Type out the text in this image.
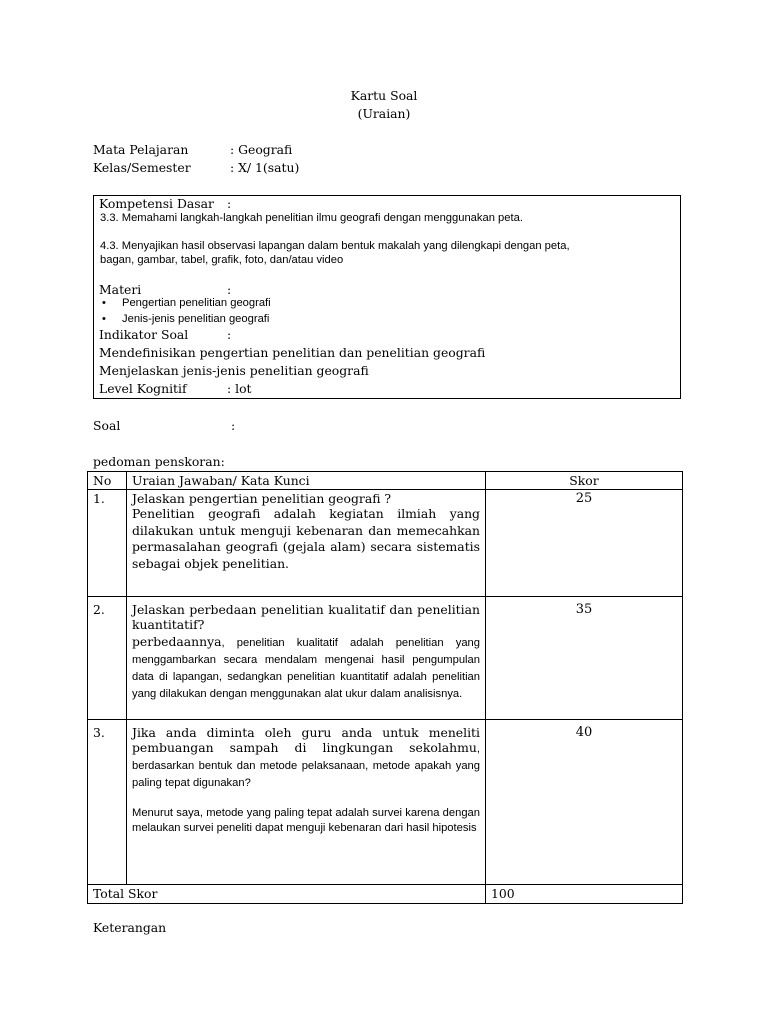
Kartu Soal
(Uraian)
Mata Pelajaran	: Geografi
Kelas/Semester	: X/ 1(satu)
Kompetensi Dasar :
3.3. Memahami langkah-langkah penelitian ilmu geografi dengan menggunakan peta.
4.3. Menyajikan hasil observasi lapangan dalam bentuk makalah yang dilengkapi dengan peta,
bagan, gambar, tabel, grafik, foto, dan/atau video
Materi	:
• Pengertian penelitian geografi
• Jenis-jenis penelitian geografi
Indikator Soal	:
Mendefinisikan pengertian penelitian dan penelitian geografi
Menjelaskan jenis-jenis penelitian geografi
Level Kognitif	: lot
Soal	:
pedoman penskoran:
No	Uraian Jawaban/ Kata Kunci	Skor
1.	Jelaskan pengertian penelitian geografi ?
Penelitian geografi adalah kegiatan ilmiah yang dilakukan untuk menguji kebenaran dan memecahkan permasalahan geografi (gejala alam) secara sistematis sebagai objek penelitian.	25
2.	Jelaskan perbedaan penelitian kualitatif dan penelitian kuantitatif?
perbedaannya, penelitian kualitatif adalah penelitian yang menggambarkan secara mendalam mengenai hasil pengumpulan data di lapangan, sedangkan penelitian kuantitatif adalah penelitian yang dilakukan dengan menggunakan alat ukur dalam analisisnya.	35
3.	Jika anda diminta oleh guru anda untuk meneliti pembuangan sampah di lingkungan sekolahmu, berdasarkan bentuk dan metode pelaksanaan, metode apakah yang paling tepat digunakan?
Menurut saya, metode yang paling tepat adalah survei karena dengan melaukan survei peneliti dapat menguji kebenaran dari hasil hipotesis	40
Total Skor		100
Keterangan
